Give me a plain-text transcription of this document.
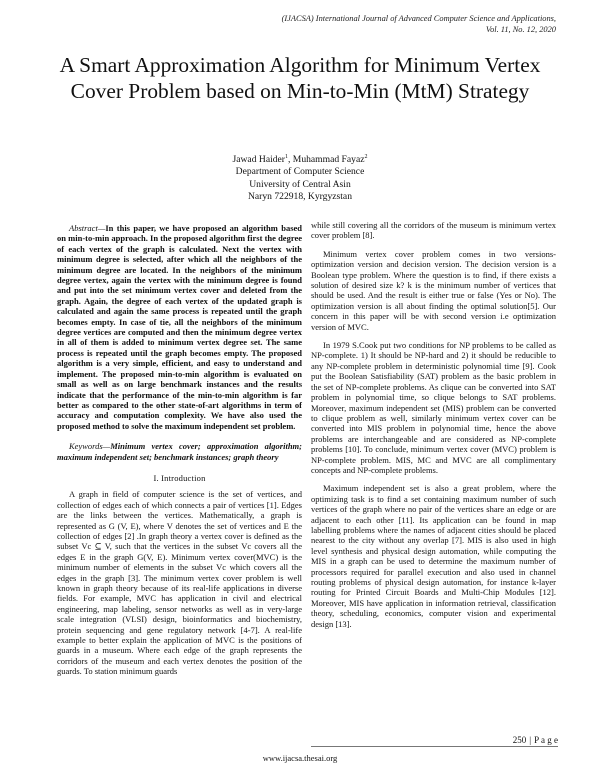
(IJACSA) International Journal of Advanced Computer Science and Applications,
Vol. 11, No. 12, 2020
A Smart Approximation Algorithm for Minimum Vertex Cover Problem based on Min-to-Min (MtM) Strategy
Jawad Haider$^1$, Muhammad Fayaz$^2$
Department of Computer Science
University of Central Asin
Naryn 722918, Kyrgyzstan

Abstract—In this paper, we have proposed an algorithm based on min-to-min approach. In the proposed algorithm first the degree of each vertex of the graph is calculated. Next the vertex with minimum degree is selected, after which all the neighbors of the minimum degree are located. In the neighbors of the minimum degree vertex, again the vertex with the minimum degree is found and put into the set minimum vertex cover and deleted from the graph. Again, the degree of each vertex of the updated graph is calculated and again the same process is repeated until the graph becomes empty. In case of tie, all the neighbors of the minimum degree vertices are computed and then the minimum degree vertex in all of them is added to minimum vertex degree set. The same process is repeated until the graph becomes empty. The proposed algorithm is a very simple, efficient, and easy to understand and implement. The proposed min-to-min algorithm is evaluated on small as well as on large benchmark instances and the results indicate that the performance of the min-to-min algorithm is far better as compared to the other state-of-art algorithms in term of accuracy and computation complexity. We have also used the proposed method to solve the maximum independent set problem.

Keywords—Minimum vertex cover; approximation algorithm; maximum independent set; benchmark instances; graph theory

I. Introduction

A graph in field of computer science is the set of vertices, and collection of edges each of which connects a pair of vertices [1]. Edges are the links between the vertices. Mathematically, a graph is represented as G (V, E), where V denotes the set of vertices and E the collection of edges [2] .In graph theory a vertex cover is defined as the subset Vc ⊆ V, such that the vertices in the subset Vc covers all the edges E in the graph G(V, E). Minimum vertex cover(MVC) is the minimum number of elements in the subset Vc which covers all the edges in the graph [3]. The minimum vertex cover problem is well known in graph theory because of its real-life applications in diverse fields. For example, MVC has application in civil and electrical engineering, map labeling, sensor networks as well as in very-large scale integration (VLSI) design, bioinformatics and biochemistry, protein sequencing and gene regulatory network [4-7]. A real-life example to better explain the application of MVC is the positions of guards in a museum. Where each edge of the graph represents the corridors of the museum and each vertex denotes the position of the guards. To station minimum guards

while still covering all the corridors of the museum is minimum vertex cover problem [8].

Minimum vertex cover problem comes in two versions- optimization version and decision version. The decision version is a Boolean type problem. Where the question is to find, if there exists a solution of desired size k? k is the minimum number of vertices that should be used. And the result is either true or false (Yes or No). The optimization version is all about finding the optimal solution[5]. Our concern in this paper will be with second version i.e optimization version of MVC.

In 1979 S.Cook put two conditions for NP problems to be called as NP-complete. 1) It should be NP-hard and 2) it should be reducible to any NP-complete problem in deterministic polynomial time [9]. Cook put the Boolean Satisfiability (SAT) problem as the basic problem in the set of NP-complete problems. As clique can be converted into SAT problem in polynomial time, so clique belongs to SAT problems. Moreover, maximum independent set (MIS) problem can be converted to clique problem as well, similarly minimum vertex cover can be converted into MIS problem in polynomial time, hence the above problems are interchangeable and are considered as NP-complete problems [10]. To conclude, minimum vertex cover (MVC) problem is NP-complete problem. MIS, MC and MVC are all complimentary concepts and NP-complete problems.

Maximum independent set is also a great problem, where the optimizing task is to find a set containing maximum number of such vertices of the graph where no pair of the vertices share an edge or are adjacent to each other [11]. Its application can be found in map labelling problems where the names of adjacent cities should be placed nearest to the city without any overlap [7]. MIS is also used in high level synthesis and physical design automation, while computing the MIS in a graph can be used to determine the maximum number of processors required for parallel execution and also used in channel routing problems of physical design automation, for instance k-layer routing for Printed Circuit Boards and Multi-Chip Modules [12]. Moreover, MIS have application in information retrieval, classification theory, scheduling, economics, computer vision and experimental design [13].

250 | P a g e
www.ijacsa.thesai.org
